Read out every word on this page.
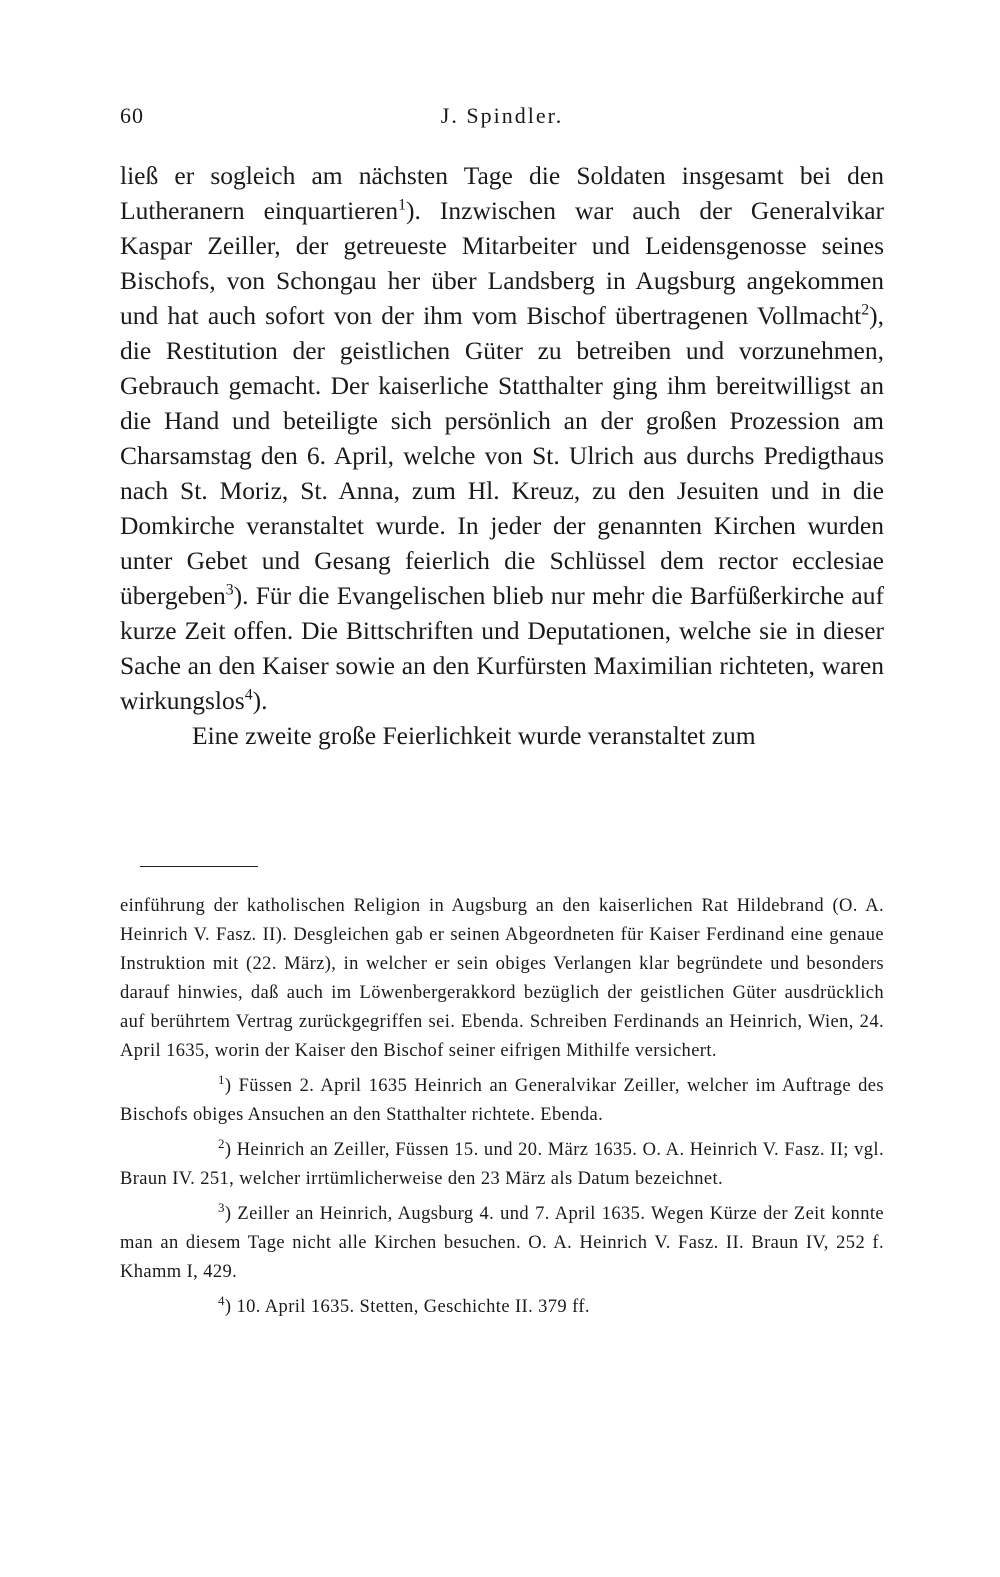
60	J. Spindler.

ließ er sogleich am nächsten Tage die Soldaten insgesamt bei den Lutheranern einquartieren$^1$). Inzwischen war auch der Generalvikar Kaspar Zeiller, der getreueste Mitarbeiter und Leidensgenosse seines Bischofs, von Schongau her über Landsberg in Augsburg angekommen und hat auch sofort von der ihm vom Bischof übertragenen Vollmacht$^2$), die Restitution der geistlichen Güter zu betreiben und vorzunehmen, Gebrauch gemacht. Der kaiserliche Statthalter ging ihm bereitwilligst an die Hand und beteiligte sich persönlich an der großen Prozession am Charsamstag den 6. April, welche von St. Ulrich aus durchs Predigthaus nach St. Moriz, St. Anna, zum Hl. Kreuz, zu den Jesuiten und in die Domkirche veranstaltet wurde. In jeder der genannten Kirchen wurden unter Gebet und Gesang feierlich die Schlüssel dem rector ecclesiae übergeben$^3$). Für die Evangelischen blieb nur mehr die Barfüßerkirche auf kurze Zeit offen. Die Bittschriften und Deputationen, welche sie in dieser Sache an den Kaiser sowie an den Kurfürsten Maximilian richteten, waren wirkungslos$^4$).

Eine zweite große Feierlichkeit wurde veranstaltet zum

einführung der katholischen Religion in Augsburg an den kaiserlichen Rat Hildebrand (O. A. Heinrich V. Fasz. II). Desgleichen gab er seinen Abgeordneten für Kaiser Ferdinand eine genaue Instruktion mit (22. März), in welcher er sein obiges Verlangen klar begründete und besonders darauf hinwies, daß auch im Löwenbergerakkord bezüglich der geistlichen Güter ausdrücklich auf berührtem Vertrag zurückgegriffen sei. Ebenda. Schreiben Ferdinands an Heinrich, Wien, 24. April 1635, worin der Kaiser den Bischof seiner eifrigen Mithilfe versichert.

$^1$) Füssen 2. April 1635 Heinrich an Generalvikar Zeiller, welcher im Auftrage des Bischofs obiges Ansuchen an den Statthalter richtete. Ebenda.

$^2$) Heinrich an Zeiller, Füssen 15. und 20. März 1635. O. A. Heinrich V. Fasz. II; vgl. Braun IV. 251, welcher irrtümlicherweise den 23 März als Datum bezeichnet.

$^3$) Zeiller an Heinrich, Augsburg 4. und 7. April 1635. Wegen Kürze der Zeit konnte man an diesem Tage nicht alle Kirchen besuchen. O. A. Heinrich V. Fasz. II. Braun IV, 252 f. Khamm I, 429.

$^4$) 10. April 1635. Stetten, Geschichte II. 379 ff.
